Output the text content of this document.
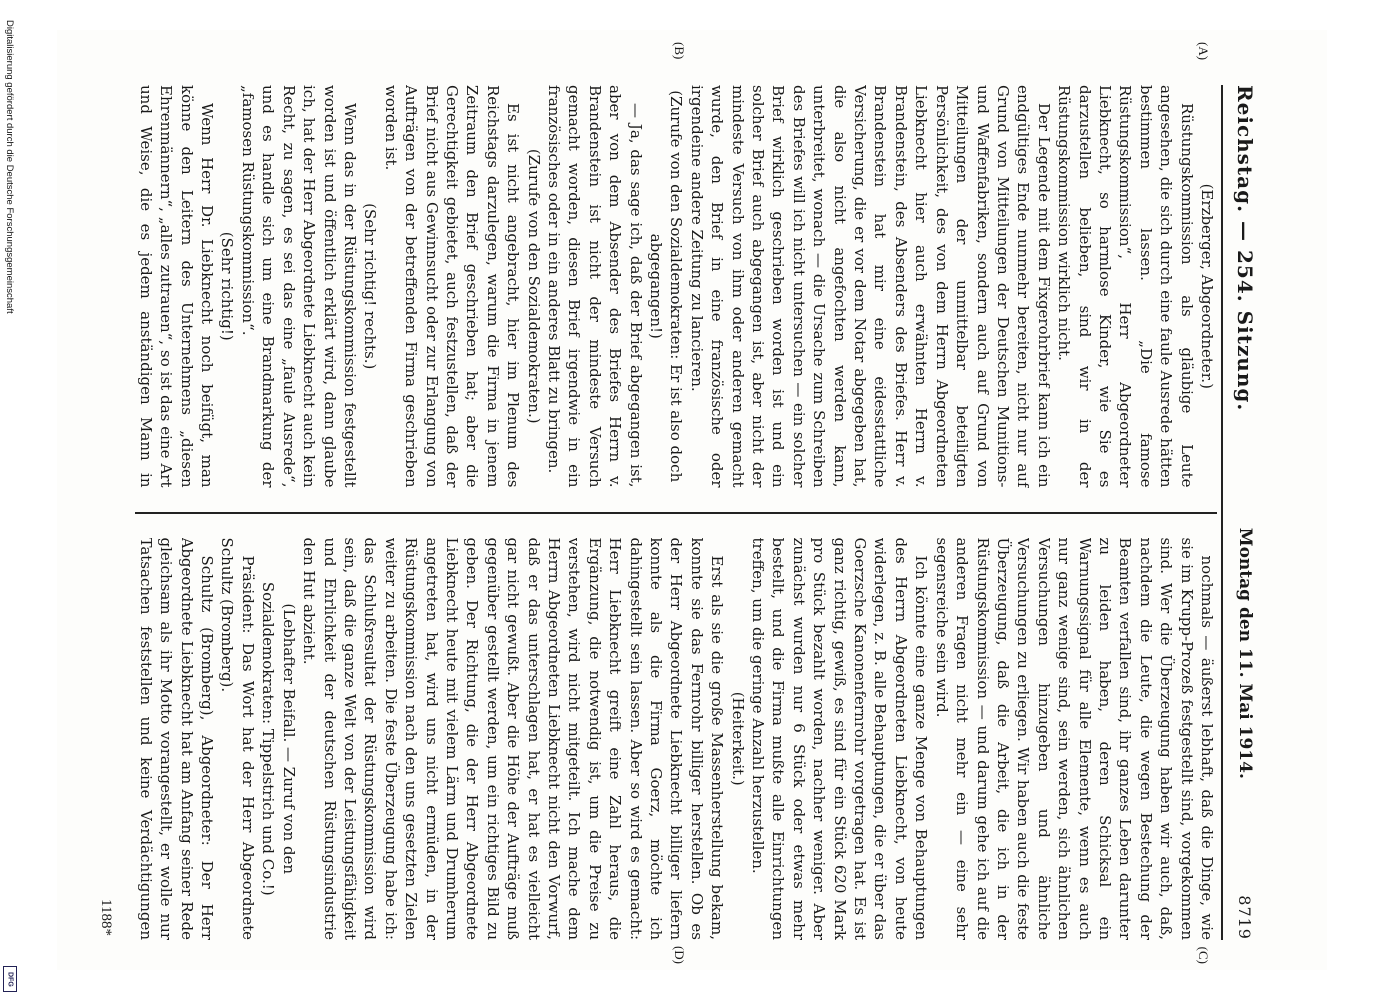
Digitalisierung gefördert durch die Deutsche Forschungsgemeinschaft
DFG
Reichstag. — 254. Sitzung.
Montag den 11. Mai 1914.
8719
(A)
(B)
(C)
(D)

(Erzberger, Abgeordneter.)

Rüstungskommission als gläubige Leute angesehen, die sich durch eine faule Ausrede hätten bestimmen lassen. „Die famose Rüstungskommission“, Herr Abgeordneter Liebknecht, so harmlose Kinder, wie Sie es darzustellen belieben, sind wir in der Rüstungskommission wirklich nicht.

Der Legende mit dem Fixgerohrbrief kann ich ein endgültiges Ende nunmehr bereiten, nicht nur auf Grund von Mitteilungen der Deutschen Munitions- und Waffenfabriken, sondern auch auf Grund von Mitteilungen der unmittelbar beteiligten Persönlichkeit, des von dem Herrn Abgeordneten Liebknecht hier auch erwähnten Herrn v. Brandenstein, des Absenders des Briefes. Herr v. Brandenstein hat mir eine eidesstattliche Versicherung, die er vor dem Notar abgegeben hat, die also nicht angefochten werden kann, unterbreitet, wonach — die Ursache zum Schreiben des Briefes will ich nicht untersuchen — ein solcher Brief wirklich geschrieben worden ist und ein solcher Brief auch abgegangen ist, aber nicht der mindeste Versuch von ihm oder anderen gemacht wurde, den Brief in eine französische oder irgendeine andere Zeitung zu lancieren.

(Zurufe von den Sozialdemokraten: Er ist also doch abgegangen!)

— Ja, das sage ich, daß der Brief abgegangen ist, aber von dem Absender des Briefes Herrn v. Brandenstein ist nicht der mindeste Versuch gemacht worden, diesen Brief irgendwie in ein französisches oder in ein anderes Blatt zu bringen.

(Zurufe von den Sozialdemokraten.)

Es ist nicht angebracht, hier im Plenum des Reichstags darzulegen, warum die Firma in jenem Zeitraum den Brief geschrieben hat; aber die Gerechtigkeit gebietet, auch festzustellen, daß der Brief nicht aus Gewinnsucht oder zur Erlangung von Aufträgen von der betreffenden Firma geschrieben worden ist.

(Sehr richtig! rechts.)

Wenn das in der Rüstungskommission festgestellt worden ist und öffentlich erklärt wird, dann glaube ich, hat der Herr Abgeordnete Liebknecht auch kein Recht, zu sagen, es sei das eine „faule Ausrede“, und es handle sich um eine Brandmarkung der „famosen Rüstungskommission“.

(Sehr richtig!)

Wenn Herr Dr. Liebknecht noch beifügt, man könne den Leitern des Unternehmens „diesen Ehrenmännern“, „alles zutrauen“, so ist das eine Art und Weise, die es jedem anständigen Mann in

nochmals — äußerst lebhaft, daß die Dinge, wie sie im Krupp-Prozeß festgestellt sind, vorgekommen sind. Wer die Überzeugung haben wir auch, daß, nachdem die Leute, die wegen Bestechung der Beamten verfallen sind, ihr ganzes Leben darunter zu leiden haben, deren Schicksal ein Warnungssignal für alle Elemente, wenn es auch nur ganz wenige sind, sein werden, sich ähnlichen Versuchungen hinzugeben und ähnliche Versuchungen zu erliegen. Wir haben auch die feste Überzeugung, daß die Arbeit, die ich in der Rüstungskommission — und darum gehe ich auf die anderen Fragen nicht mehr ein — eine sehr segensreiche sein wird.

Ich könnte eine ganze Menge von Behauptungen des Herrn Abgeordneten Liebknecht, von heute widerlegen, z. B. alle Behauptungen, die er über das Goerzsche Kanonenfernrohr vorgetragen hat. Es ist ganz richtig, gewiß, es sind für ein Stück 620 Mark pro Stück bezahlt worden, nachher weniger. Aber zunächst wurden nur 6 Stück oder etwas mehr bestellt, und die Firma mußte alle Einrichtungen treffen, um die geringe Anzahl herzustellen.

(Heiterkeit.)

Erst als sie die große Massenherstellung bekam, konnte sie das Fernrohr billiger herstellen. Ob es der Herr Abgeordnete Liebknecht billiger liefern konnte als die Firma Goerz, möchte ich dahingestellt sein lassen. Aber so wird es gemacht: Herr Liebknecht greift eine Zahl heraus, die Ergänzung, die notwendig ist, um die Preise zu verstehen, wird nicht mitgeteilt. Ich mache dem Herrn Abgeordneten Liebknecht nicht den Vorwurf, daß er das unterschlagen hat, er hat es vielleicht gar nicht gewußt. Aber die Höhe der Aufträge muß gegenüber gestellt werden, um ein richtiges Bild zu geben. Der Richtung, die der Herr Abgeordnete Liebknecht heute mit vielem Lärm und Drumherum angetreten hat, wird uns nicht ermüden, in der Rüstungskommission nach den uns gesetzten Zielen weiter zu arbeiten. Die feste Überzeugung habe ich: das Schlußresultat der Rüstungskommission wird sein, daß die ganze Welt von der Leistungsfähigkeit und Ehrlichkeit der deutschen Rüstungsindustrie den Hut abzieht.

(Lebhafter Beifall. — Zuruf von den Sozialdemokraten: Tippelstrich und Co.!)

Präsident: Das Wort hat der Herr Abgeordnete Schultz (Bromberg).

Schultz (Bromberg), Abgeordneter: Der Herr Abgeordnete Liebknecht hat am Anfang seiner Rede gleichsam als ihr Motto vorangestellt, er wolle nur Tatsachen feststellen und keine Verdächtigungen

1188*
